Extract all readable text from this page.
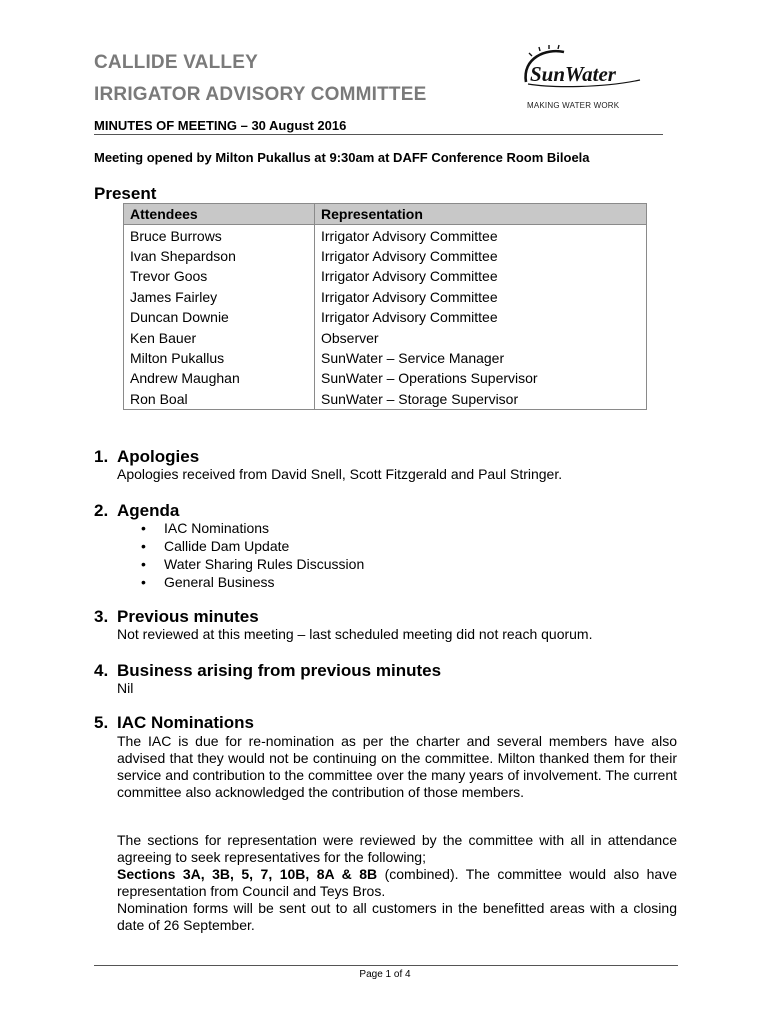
CALLIDE VALLEY
IRRIGATOR ADVISORY COMMITTEE
SunWater
MAKING WATER WORK
MINUTES OF MEETING – 30 August 2016
Meeting opened by Milton Pukallus at 9:30am at DAFF Conference Room Biloela
Present
Attendees	Representation
Bruce Burrows	Irrigator Advisory Committee
Ivan Shepardson	Irrigator Advisory Committee
Trevor Goos	Irrigator Advisory Committee
James Fairley	Irrigator Advisory Committee
Duncan Downie	Irrigator Advisory Committee
Ken Bauer	Observer
Milton Pukallus	SunWater – Service Manager
Andrew Maughan	SunWater – Operations Supervisor
Ron Boal	SunWater – Storage Supervisor
1. Apologies
Apologies received from David Snell, Scott Fitzgerald and Paul Stringer.
2. Agenda
• IAC Nominations
• Callide Dam Update
• Water Sharing Rules Discussion
• General Business
3. Previous minutes
Not reviewed at this meeting – last scheduled meeting did not reach quorum.
4. Business arising from previous minutes
Nil
5. IAC Nominations
The IAC is due for re-nomination as per the charter and several members have also advised that they would not be continuing on the committee. Milton thanked them for their service and contribution to the committee over the many years of involvement. The current committee also acknowledged the contribution of those members.
The sections for representation were reviewed by the committee with all in attendance agreeing to seek representatives for the following;
Sections 3A, 3B, 5, 7, 10B, 8A & 8B (combined). The committee would also have representation from Council and Teys Bros.
Nomination forms will be sent out to all customers in the benefitted areas with a closing date of 26 September.
Page 1 of 4
